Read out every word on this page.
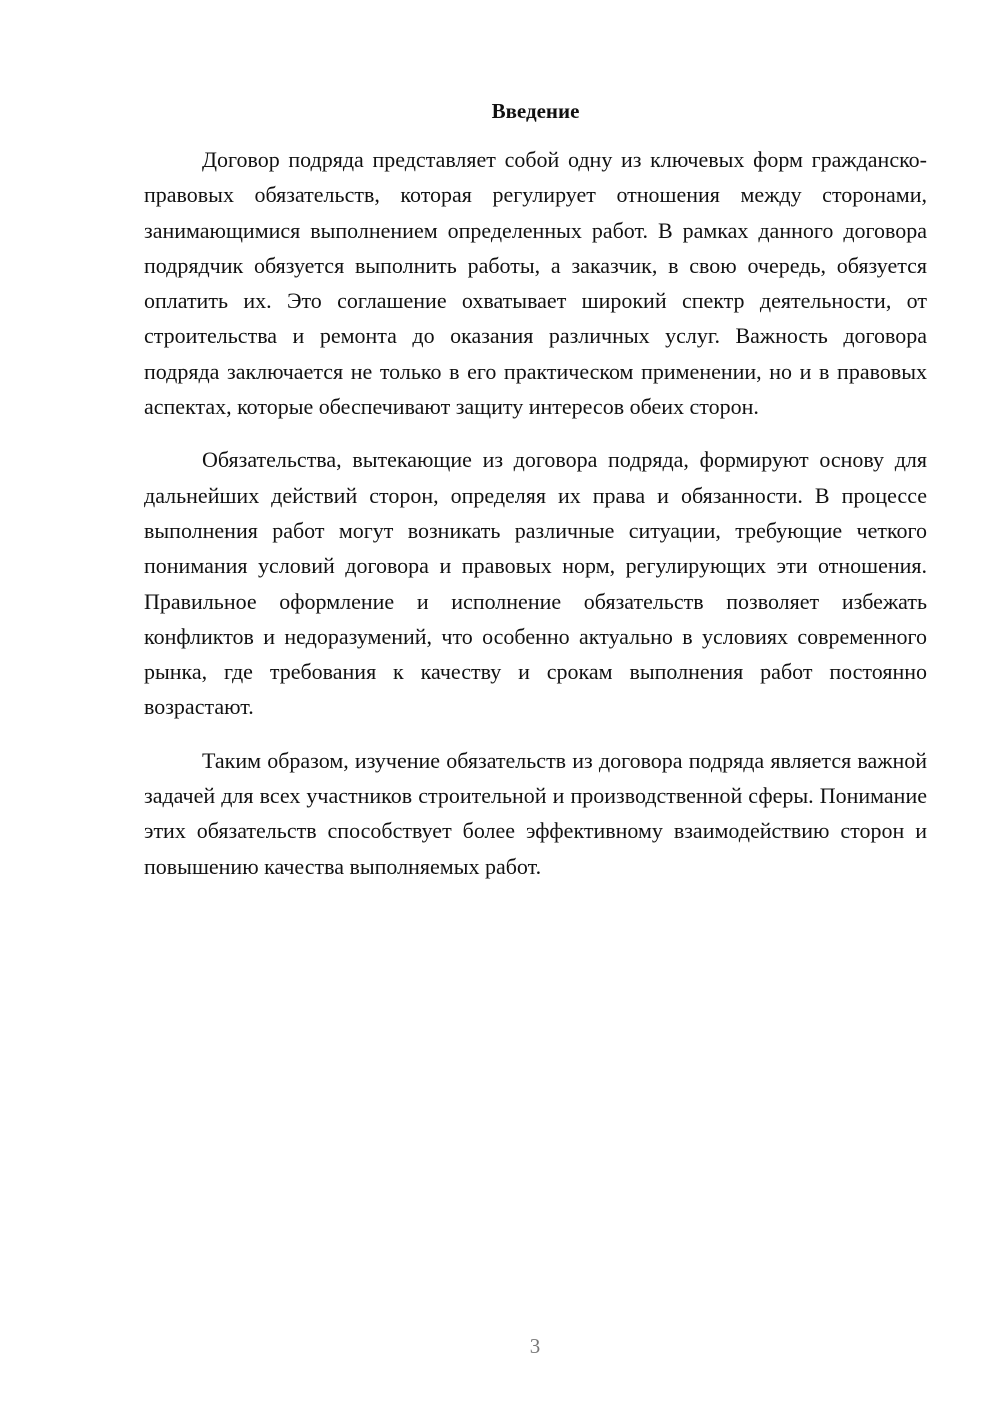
Введение

Договор подряда представляет собой одну из ключевых форм гражданско-правовых обязательств, которая регулирует отношения между сторонами, занимающимися выполнением определенных работ. В рамках данного договора подрядчик обязуется выполнить работы, а заказчик, в свою очередь, обязуется оплатить их. Это соглашение охватывает широкий спектр деятельности, от строительства и ремонта до оказания различных услуг. Важность договора подряда заключается не только в его практическом применении, но и в правовых аспектах, которые обеспечивают защиту интересов обеих сторон.

Обязательства, вытекающие из договора подряда, формируют основу для дальнейших действий сторон, определяя их права и обязанности. В процессе выполнения работ могут возникать различные ситуации, требующие четкого понимания условий договора и правовых норм, регулирующих эти отношения. Правильное оформление и исполнение обязательств позволяет избежать конфликтов и недоразумений, что особенно актуально в условиях современного рынка, где требования к качеству и срокам выполнения работ постоянно возрастают.

Таким образом, изучение обязательств из договора подряда является важной задачей для всех участников строительной и производственной сферы. Понимание этих обязательств способствует более эффективному взаимодействию сторон и повышению качества выполняемых работ.

3
